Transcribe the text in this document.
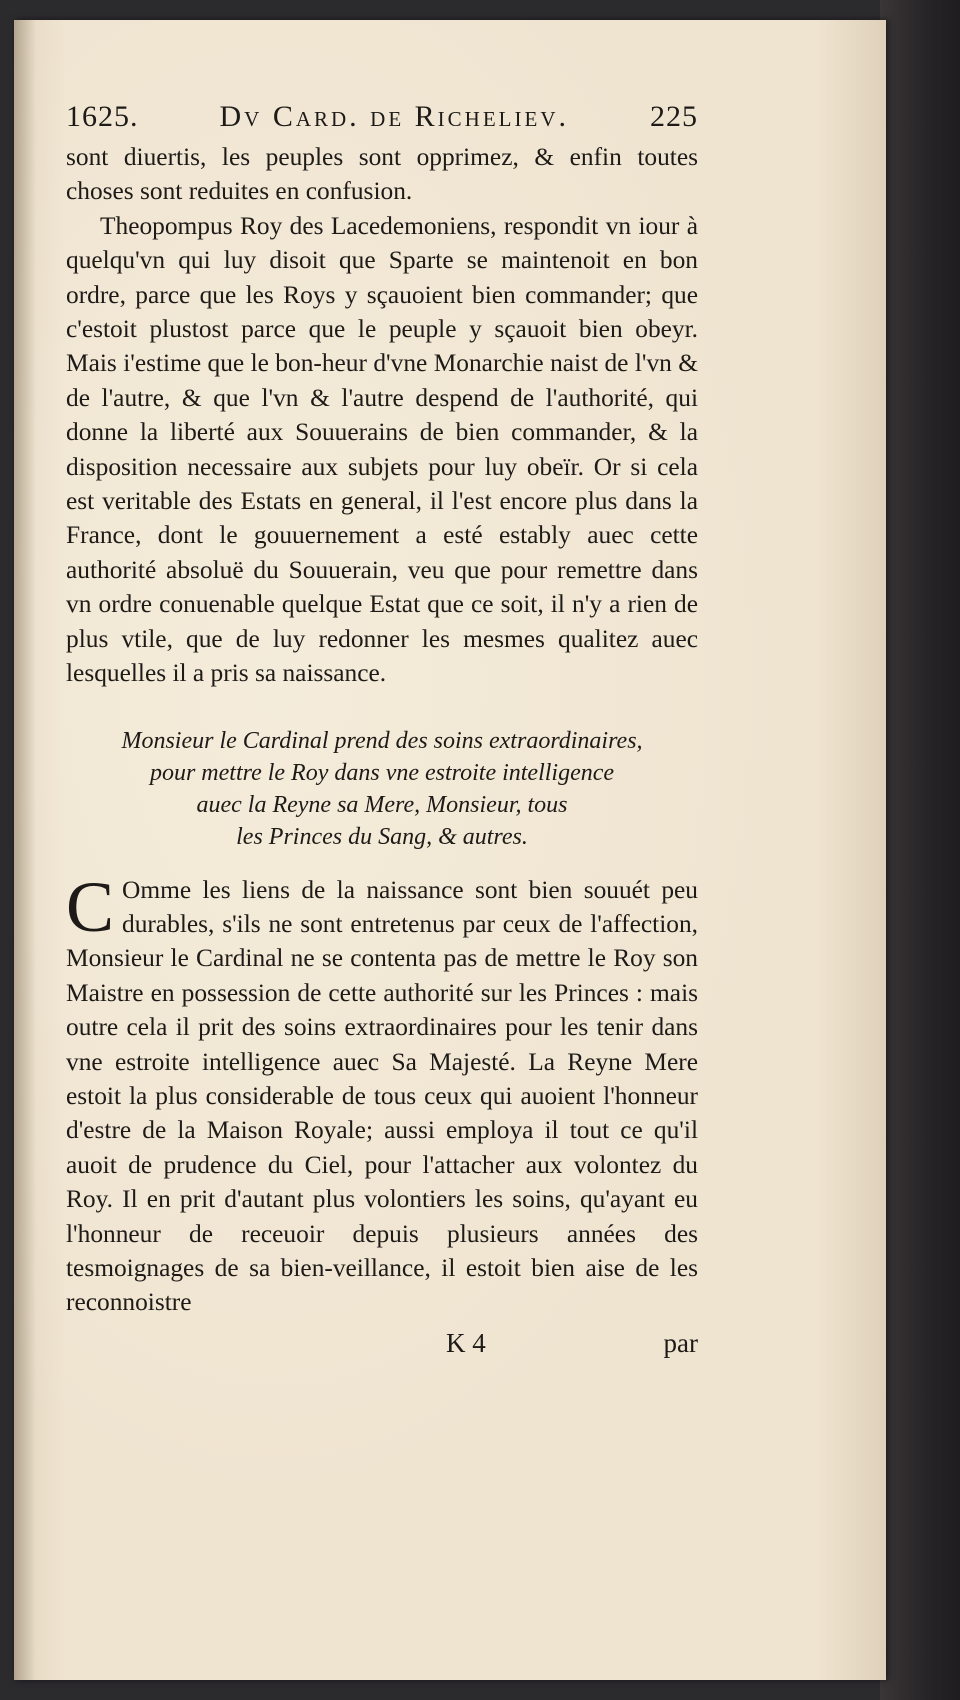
1625.	Dv Card. de Richeliev.	225

sont diuertis, les peuples sont opprimez, & enfin toutes choses sont reduites en confusion.

Theopompus Roy des Lacedemoniens, respondit vn iour à quelqu'vn qui luy disoit que Sparte se maintenoit en bon ordre, parce que les Roys y sçauoient bien commander; que c'estoit plustost parce que le peuple y sçauoit bien obeyr. Mais i'estime que le bon-heur d'vne Monarchie naist de l'vn & de l'autre, & que l'vn & l'autre despend de l'authorité, qui donne la liberté aux Souuerains de bien commander, & la disposition necessaire aux subjets pour luy obeïr. Or si cela est veritable des Estats en general, il l'est encore plus dans la France, dont le gouuernement a esté estably auec cette authorité absoluë du Souuerain, veu que pour remettre dans vn ordre conuenable quelque Estat que ce soit, il n'y a rien de plus vtile, que de luy redonner les mesmes qualitez auec lesquelles il a pris sa naissance.

Monsieur le Cardinal prend des soins extraordinaires,
pour mettre le Roy dans vne estroite intelligence
auec la Reyne sa Mere, Monsieur, tous
les Princes du Sang, & autres.

C Omme les liens de la naissance sont bien souuét peu durables, s'ils ne sont entretenus par ceux de l'affection, Monsieur le Cardinal ne se contenta pas de mettre le Roy son Maistre en possession de cette authorité sur les Princes : mais outre cela il prit des soins extraordinaires pour les tenir dans vne estroite intelligence auec Sa Majesté. La Reyne Mere estoit la plus considerable de tous ceux qui auoient l'honneur d'estre de la Maison Royale; aussi employa il tout ce qu'il auoit de prudence du Ciel, pour l'attacher aux volontez du Roy. Il en prit d'autant plus volontiers les soins, qu'ayant eu l'honneur de receuoir depuis plusieurs années des tesmoignages de sa bien-veillance, il estoit bien aise de les reconnoistre

K 4	par
